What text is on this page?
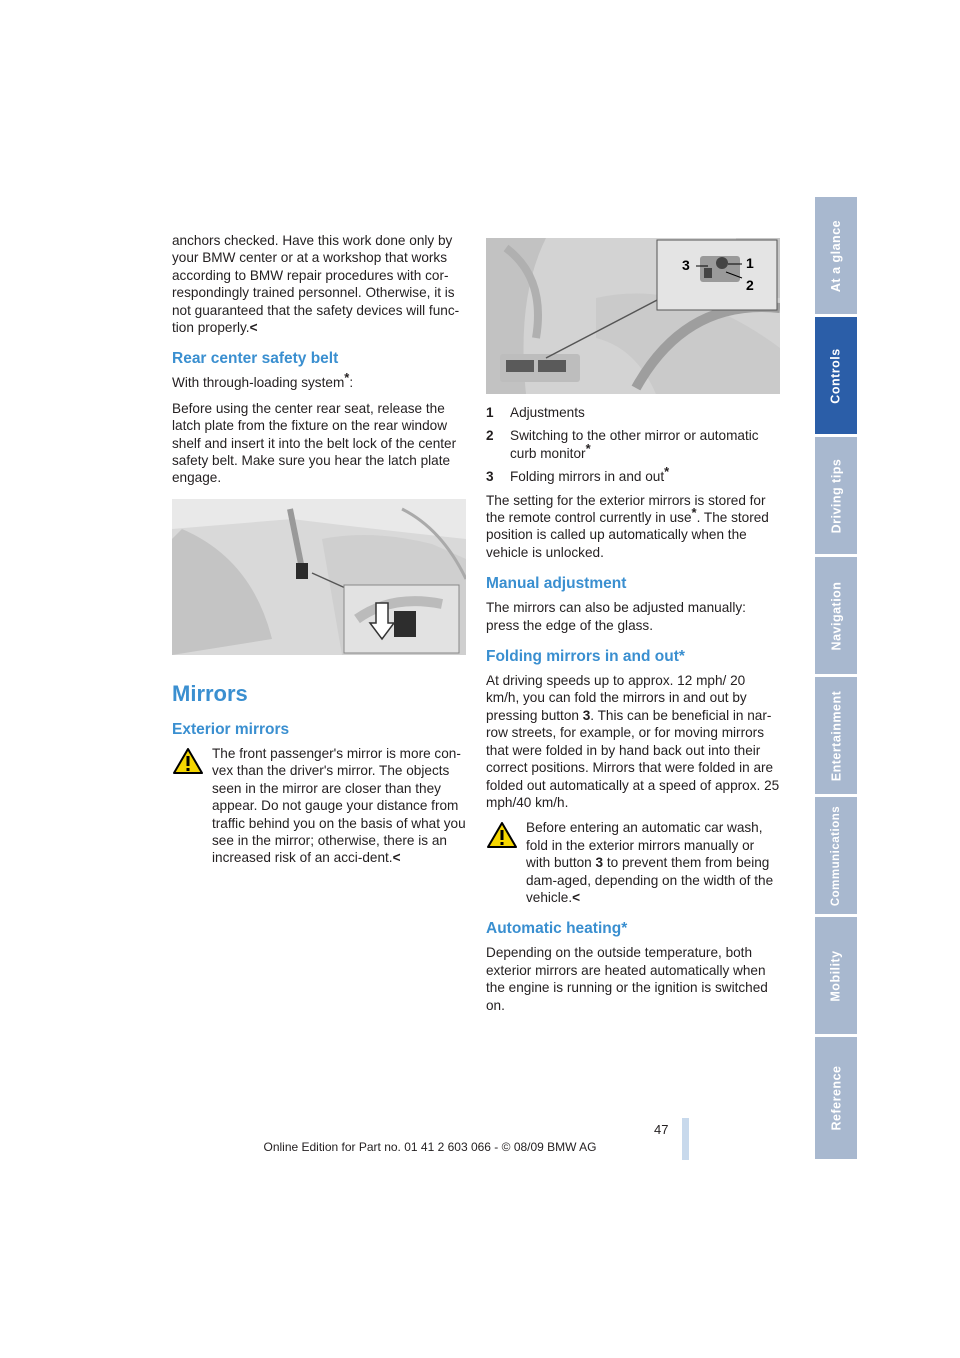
anchors checked. Have this work done only by your BMW center or at a workshop that works according to BMW repair procedures with cor-respondingly trained personnel. Otherwise, it is not guaranteed that the safety devices will func-tion properly.<

Rear center safety belt

With through-loading system*:

Before using the center rear seat, release the latch plate from the fixture on the rear window shelf and insert it into the belt lock of the center safety belt. Make sure you hear the latch plate engage.

Mirrors
Exterior mirrors

The front passenger's mirror is more con-vex than the driver's mirror. The objects seen in the mirror are closer than they appear. Do not gauge your distance from traffic behind you on the basis of what you see in the mirror; otherwise, there is an increased risk of an acci-dent.<

3	1
2
1	Adjustments
2	Switching to the other mirror or automatic curb monitor*
3	Folding mirrors in and out*

The setting for the exterior mirrors is stored for the remote control currently in use*. The stored position is called up automatically when the vehicle is unlocked.

Manual adjustment

The mirrors can also be adjusted manually: press the edge of the glass.

Folding mirrors in and out*

At driving speeds up to approx. 12 mph/ 20 km/h, you can fold the mirrors in and out by pressing button 3. This can be beneficial in nar-row streets, for example, or for moving mirrors that were folded in by hand back out into their correct positions. Mirrors that were folded in are folded out automatically at a speed of approx. 25 mph/40 km/h.

Before entering an automatic car wash, fold in the exterior mirrors manually or with button 3 to prevent them from being dam-aged, depending on the width of the vehicle.<

Automatic heating*

Depending on the outside temperature, both exterior mirrors are heated automatically when the engine is running or the ignition is switched on.

At a glance
Controls
Driving tips
Navigation
Entertainment
Communications
Mobility
Reference
47
Online Edition for Part no. 01 41 2 603 066 - © 08/09 BMW AG
